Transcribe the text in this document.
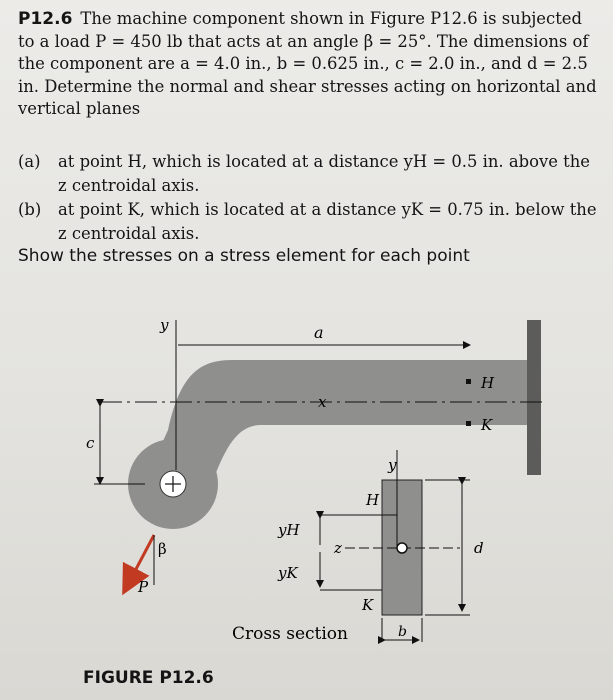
P12.6 The machine component shown in Figure P12.6 is subjected to a load P = 450 lb that acts at an angle β = 25°. The dimensions of the component are a = 4.0 in., b = 0.625 in., c = 2.0 in., and d = 2.5 in. Determine the normal and shear stresses acting on horizontal and vertical planes

(a)	at point H, which is located at a distance yH = 0.5 in. above the z centroidal axis.

(b)	at point K, which is located at a distance yK = 0.75 in. below the z centroidal axis.

Show the stresses on a stress element for each point
y	a
x
H
K
c
β
P
y
z
H
yH
yK
K
d
b
Cross section
FIGURE P12.6
